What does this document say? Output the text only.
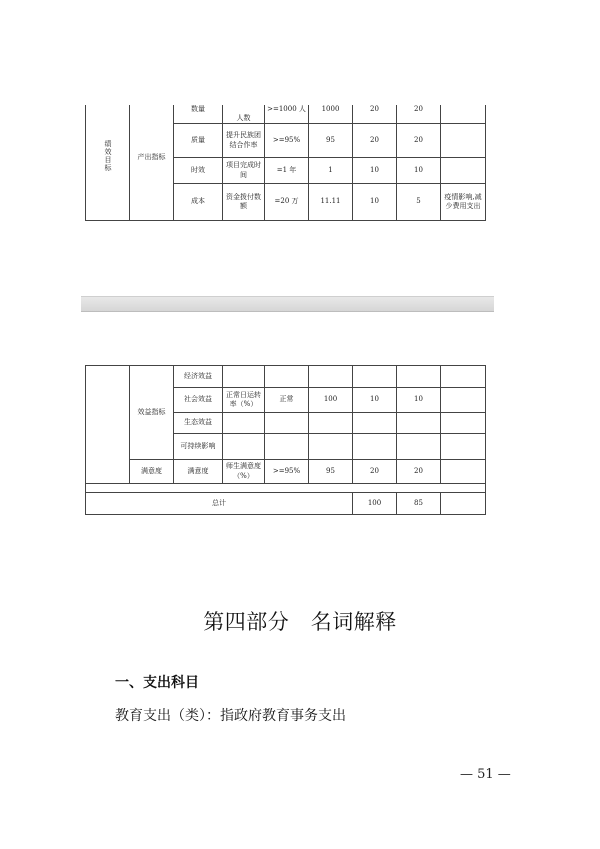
绩效目标	产出指标	数量	人数	>=1000 人	1000	20	20	
		质量	提升民族团结合作率	>=95%	95	20	20	
		时效	项目完成时间	=1 年	1	10	10	
		成本	资金拨付数额	=20 万	11.11	10	5	疫情影响,减少费用支出
	效益指标	经济效益						
		社会效益	正常日运转率（%）	正常	100	10	10	
		生态效益						
		可持续影响						
	满意度	满意度	师生满意度（%）	>=95%	95	20	20	

总计						100	85	
第四部分　名词解释
一、支出科目
教育支出（类）：指政府教育事务支出
— 51 —
